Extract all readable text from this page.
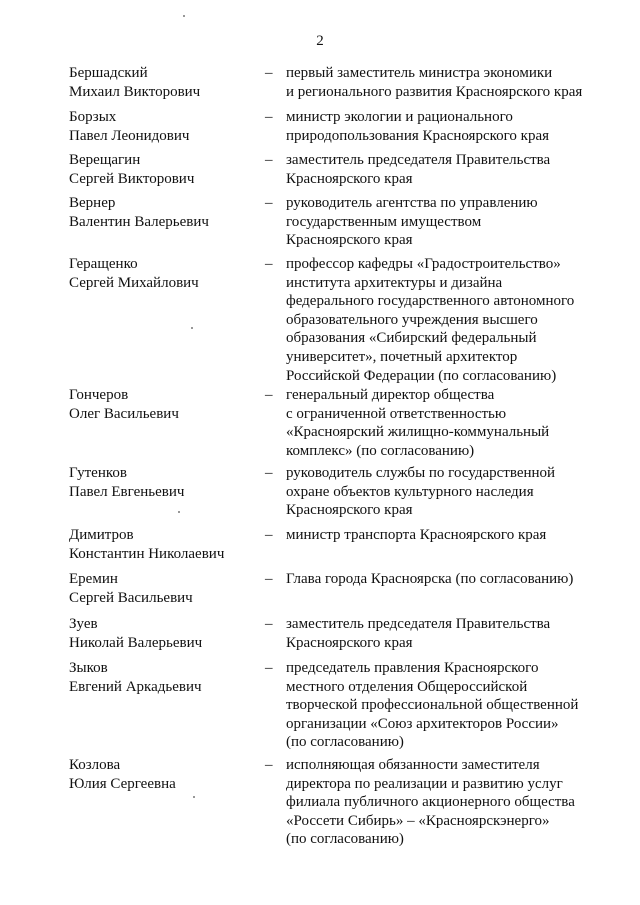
2
Бершадский
Михаил Викторович
– первый заместитель министра экономики
и регионального развития Красноярского края
Борзых
Павел Леонидович
– министр экологии и рационального
природопользования Красноярского края
Верещагин
Сергей Викторович
– заместитель председателя Правительства
Красноярского края
Вернер
Валентин Валерьевич
– руководитель агентства по управлению
государственным имуществом
Красноярского края
Геращенко
Сергей Михайлович
– профессор кафедры «Градостроительство»
института архитектуры и дизайна
федерального государственного автономного
образовательного учреждения высшего
образования «Сибирский федеральный
университет», почетный архитектор
Российской Федерации (по согласованию)
Гончеров
Олег Васильевич
– генеральный директор общества
с ограниченной ответственностью
«Красноярский жилищно-коммунальный
комплекс» (по согласованию)
Гутенков
Павел Евгеньевич
– руководитель службы по государственной
охране объектов культурного наследия
Красноярского края
Димитров
Константин Николаевич
– министр транспорта Красноярского края
Еремин
Сергей Васильевич
– Глава города Красноярска (по согласованию)
Зуев
Николай Валерьевич
– заместитель председателя Правительства
Красноярского края
Зыков
Евгений Аркадьевич
– председатель правления Красноярского
местного отделения Общероссийской
творческой профессиональной общественной
организации «Союз архитекторов России»
(по согласованию)
Козлова
Юлия Сергеевна
– исполняющая обязанности заместителя
директора по реализации и развитию услуг
филиала публичного акционерного общества
«Россети Сибирь» – «Красноярскэнерго»
(по согласованию)
